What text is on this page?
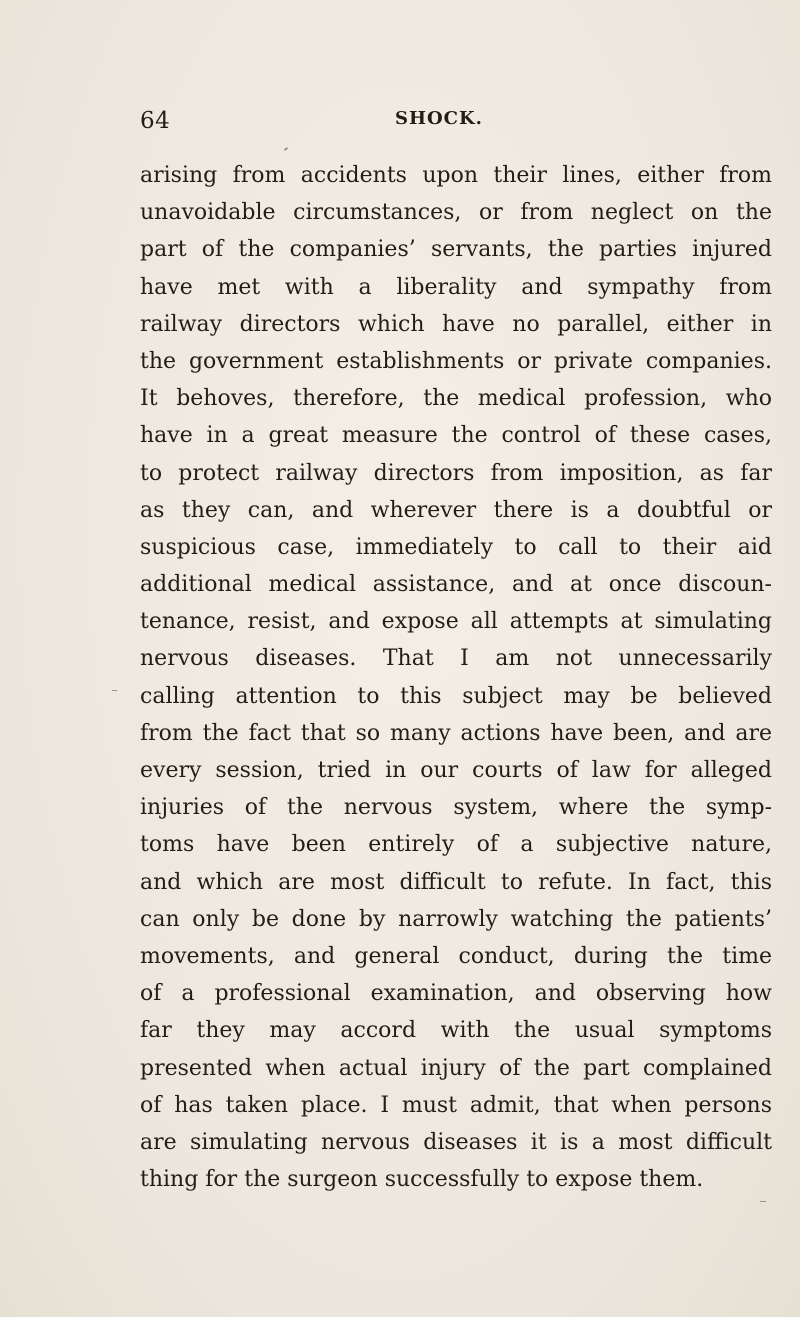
64	SHOCK.
arising from accidents upon their lines, either from
unavoidable circumstances, or from neglect on the
part of the companies’ servants, the parties injured
have met with a liberality and sympathy from
railway directors which have no parallel, either in
the government establishments or private companies.
It behoves, therefore, the medical profession, who
have in a great measure the control of these cases,
to protect railway directors from imposition, as far
as they can, and wherever there is a doubtful or
suspicious case, immediately to call to their aid
additional medical assistance, and at once discoun-
tenance, resist, and expose all attempts at simulating
nervous diseases. That I am not unnecessarily
calling attention to this subject may be believed
from the fact that so many actions have been, and are
every session, tried in our courts of law for alleged
injuries of the nervous system, where the symp-
toms have been entirely of a subjective nature,
and which are most difficult to refute. In fact, this
can only be done by narrowly watching the patients’
movements, and general conduct, during the time
of a professional examination, and observing how
far they may accord with the usual symptoms
presented when actual injury of the part complained
of has taken place. I must admit, that when persons
are simulating nervous diseases it is a most difficult
thing for the surgeon successfully to expose them.
